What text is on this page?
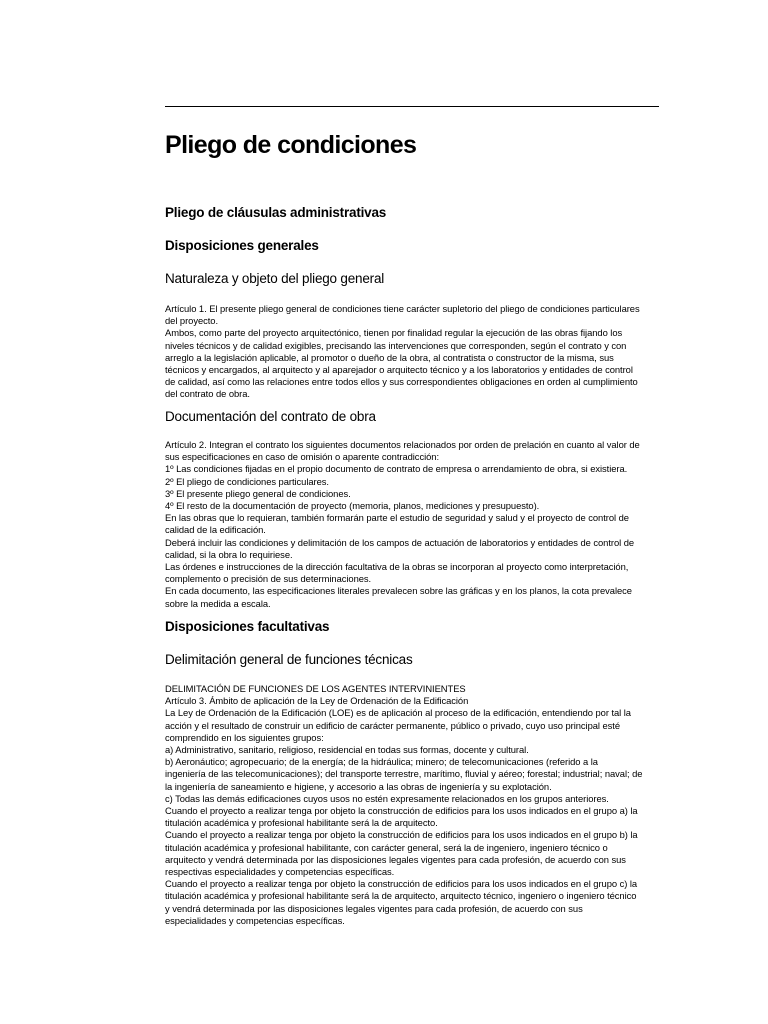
Pliego de condiciones
Pliego de cláusulas administrativas
Disposiciones generales
Naturaleza y objeto del pliego general
Artículo 1. El presente pliego general de condiciones tiene carácter supletorio del pliego de condiciones particulares
del proyecto.
Ambos, como parte del proyecto arquitectónico, tienen por finalidad regular la ejecución de las obras fijando los
niveles técnicos y de calidad exigibles, precisando las intervenciones que corresponden, según el contrato y con
arreglo a la legislación aplicable, al promotor o dueño de la obra, al contratista o constructor de la misma, sus
técnicos y encargados, al arquitecto y al aparejador o arquitecto técnico y a los laboratorios y entidades de control
de calidad, así como las relaciones entre todos ellos y sus correspondientes obligaciones en orden al cumplimiento
del contrato de obra.
Documentación del contrato de obra
Artículo 2. Integran el contrato los siguientes documentos relacionados por orden de prelación en cuanto al valor de
sus especificaciones en caso de omisión o aparente contradicción:
1º Las condiciones fijadas en el propio documento de contrato de empresa o arrendamiento de obra, si existiera.
2º El pliego de condiciones particulares.
3º El presente pliego general de condiciones.
4º El resto de la documentación de proyecto (memoria, planos, mediciones y presupuesto).
En las obras que lo requieran, también formarán parte el estudio de seguridad y salud y el proyecto de control de
calidad de la edificación.
Deberá incluir las condiciones y delimitación de los campos de actuación de laboratorios y entidades de control de
calidad, si la obra lo requiriese.
Las órdenes e instrucciones de la dirección facultativa de la obras se incorporan al proyecto como interpretación,
complemento o precisión de sus determinaciones.
En cada documento, las especificaciones literales prevalecen sobre las gráficas y en los planos, la cota prevalece
sobre la medida a escala.
Disposiciones facultativas
Delimitación general de funciones técnicas
DELIMITACIÓN DE FUNCIONES DE LOS AGENTES INTERVINIENTES
Artículo 3. Ámbito de aplicación de la Ley de Ordenación de la Edificación
La Ley de Ordenación de la Edificación (LOE) es de aplicación al proceso de la edificación, entendiendo por tal la
acción y el resultado de construir un edificio de carácter permanente, público o privado, cuyo uso principal esté
comprendido en los siguientes grupos:
a) Administrativo, sanitario, religioso, residencial en todas sus formas, docente y cultural.
b) Aeronáutico; agropecuario; de la energía; de la hidráulica; minero; de telecomunicaciones (referido a la
ingeniería de las telecomunicaciones); del transporte terrestre, marítimo, fluvial y aéreo; forestal; industrial; naval; de
la ingeniería de saneamiento e higiene, y accesorio a las obras de ingeniería y su explotación.
c) Todas las demás edificaciones cuyos usos no estén expresamente relacionados en los grupos anteriores.
Cuando el proyecto a realizar tenga por objeto la construcción de edificios para los usos indicados en el grupo a) la
titulación académica y profesional habilitante será la de arquitecto.
Cuando el proyecto a realizar tenga por objeto la construcción de edificios para los usos indicados en el grupo b) la
titulación académica y profesional habilitante, con carácter general, será la de ingeniero, ingeniero técnico o
arquitecto y vendrá determinada por las disposiciones legales vigentes para cada profesión, de acuerdo con sus
respectivas especialidades y competencias específicas.
Cuando el proyecto a realizar tenga por objeto la construcción de edificios para los usos indicados en el grupo c) la
titulación académica y profesional habilitante será la de arquitecto, arquitecto técnico, ingeniero o ingeniero técnico
y vendrá determinada por las disposiciones legales vigentes para cada profesión, de acuerdo con sus
especialidades y competencias específicas.
